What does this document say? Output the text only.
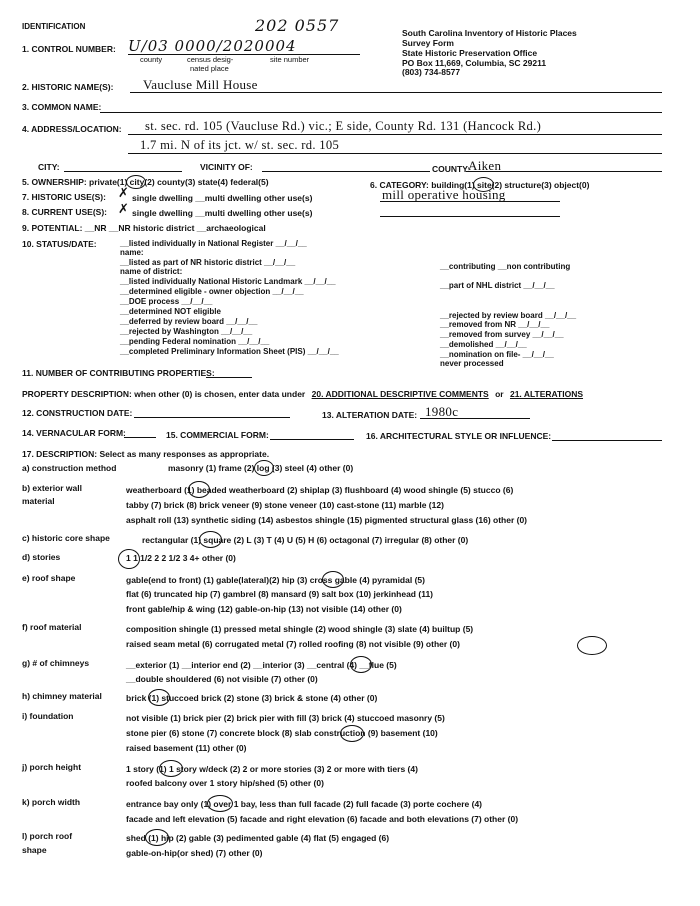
IDENTIFICATION
1. CONTROL NUMBER: U/03 0000/2020004
202 0557
county	census desig-
nated place
site number
South Carolina Inventory of Historic Places
Survey Form
State Historic Preservation Office
PO Box 11,669, Columbia, SC 29211
(803) 734-8577
2. HISTORIC NAME(S): Vaucluse Mill House
3. COMMON NAME:
4. ADDRESS/LOCATION: st. sec. rd. 105 (Vaucluse Rd.) vic.; E side, County Rd. 131 (Hancock Rd.)
1.7 mi. N of its jct. w/ st. sec. rd. 105
CITY:	VICINITY OF:	COUNTY:
Aiken
5. OWNERSHIP: private(1) city(2) county(3) state(4) federal(5)	6. CATEGORY: building(1) site(2) structure(3) object(0)
7. HISTORIC USE(S): ✗ single dwelling __multi dwelling other use(s)	mill operative housing
8. CURRENT USE(S): ✗ single dwelling __multi dwelling other use(s)
9. POTENTIAL: __NR __NR historic district __archaeological
10. STATUS/DATE:	__listed individually in National Register __/__/__
name:
__listed as part of NR historic district __/__/__
name of district:
__listed individually National Historic Landmark __/__/__
__determined eligible - owner objection __/__/__
__DOE process __/__/__
__determined NOT eligible
__deferred by review board __/__/__
__rejected by Washington __/__/__
__pending Federal nomination __/__/__
__completed Preliminary Information Sheet (PIS) __/__/__
__contributing __non contributing
__part of NHL district __/__/__
__rejected by review board __/__/__
__removed from NR __/__/__
__removed from survey __/__/__
__demolished __/__/__
__nomination on file- __/__/__
never processed
11. NUMBER OF CONTRIBUTING PROPERTIES:
PROPERTY DESCRIPTION: when other (0) is chosen, enter data under 20. ADDITIONAL DESCRIPTIVE COMMENTS or 21. ALTERATIONS
12. CONSTRUCTION DATE:	13. ALTERATION DATE: 1980c
14. VERNACULAR FORM:	15. COMMERCIAL FORM:	16. ARCHITECTURAL STYLE OR INFLUENCE:
17. DESCRIPTION: Select as many responses as appropriate.
a) construction method	masonry (1) frame (2) log (3) steel (4) other (0)
b) exterior wall
material
weatherboard (1) beaded weatherboard (2) shiplap (3) flushboard (4) wood shingle (5) stucco (6)
tabby (7) brick (8) brick veneer (9) stone veneer (10) cast-stone (11) marble (12)
asphalt roll (13) synthetic siding (14) asbestos shingle (15) pigmented structural glass (16) other (0)
c) historic core shape	rectangular (1) square (2) L (3) T (4) U (5) H (6) octagonal (7) irregular (8) other (0)
d) stories	1 1 1/2 2 2 1/2 3 4+ other (0)
e) roof shape	gable(end to front) (1) gable(lateral)(2) hip (3) cross gable (4) pyramidal (5)
flat (6) truncated hip (7) gambrel (8) mansard (9) salt box (10) jerkinhead (11)
front gable/hip & wing (12) gable-on-hip (13) not visible (14) other (0)
f) roof material	composition shingle (1) pressed metal shingle (2) wood shingle (3) slate (4) builtup (5)
raised seam metal (6) corrugated metal (7) rolled roofing (8) not visible (9) other (0)
g) # of chimneys	__exterior (1) __interior end (2) __interior (3) __central (4) __flue (5)
__double shouldered (6) not visible (7) other (0)
h) chimney material	brick (1) stuccoed brick (2) stone (3) brick & stone (4) other (0)
i) foundation	not visible (1) brick pier (2) brick pier with fill (3) brick (4) stuccoed masonry (5)
stone pier (6) stone (7) concrete block (8) slab construction (9) basement (10)
raised basement (11) other (0)
j) porch height	1 story (1) 1 story w/deck (2) 2 or more stories (3) 2 or more with tiers (4)
roofed balcony over 1 story hip/shed (5) other (0)
k) porch width	entrance bay only (1) over 1 bay, less than full facade (2) full facade (3) porte cochere (4)
facade and left elevation (5) facade and right elevation (6) facade and both elevations (7) other (0)
l) porch roof
shape
shed (1) hip (2) gable (3) pedimented gable (4) flat (5) engaged (6)
gable-on-hip(or shed) (7) other (0)
